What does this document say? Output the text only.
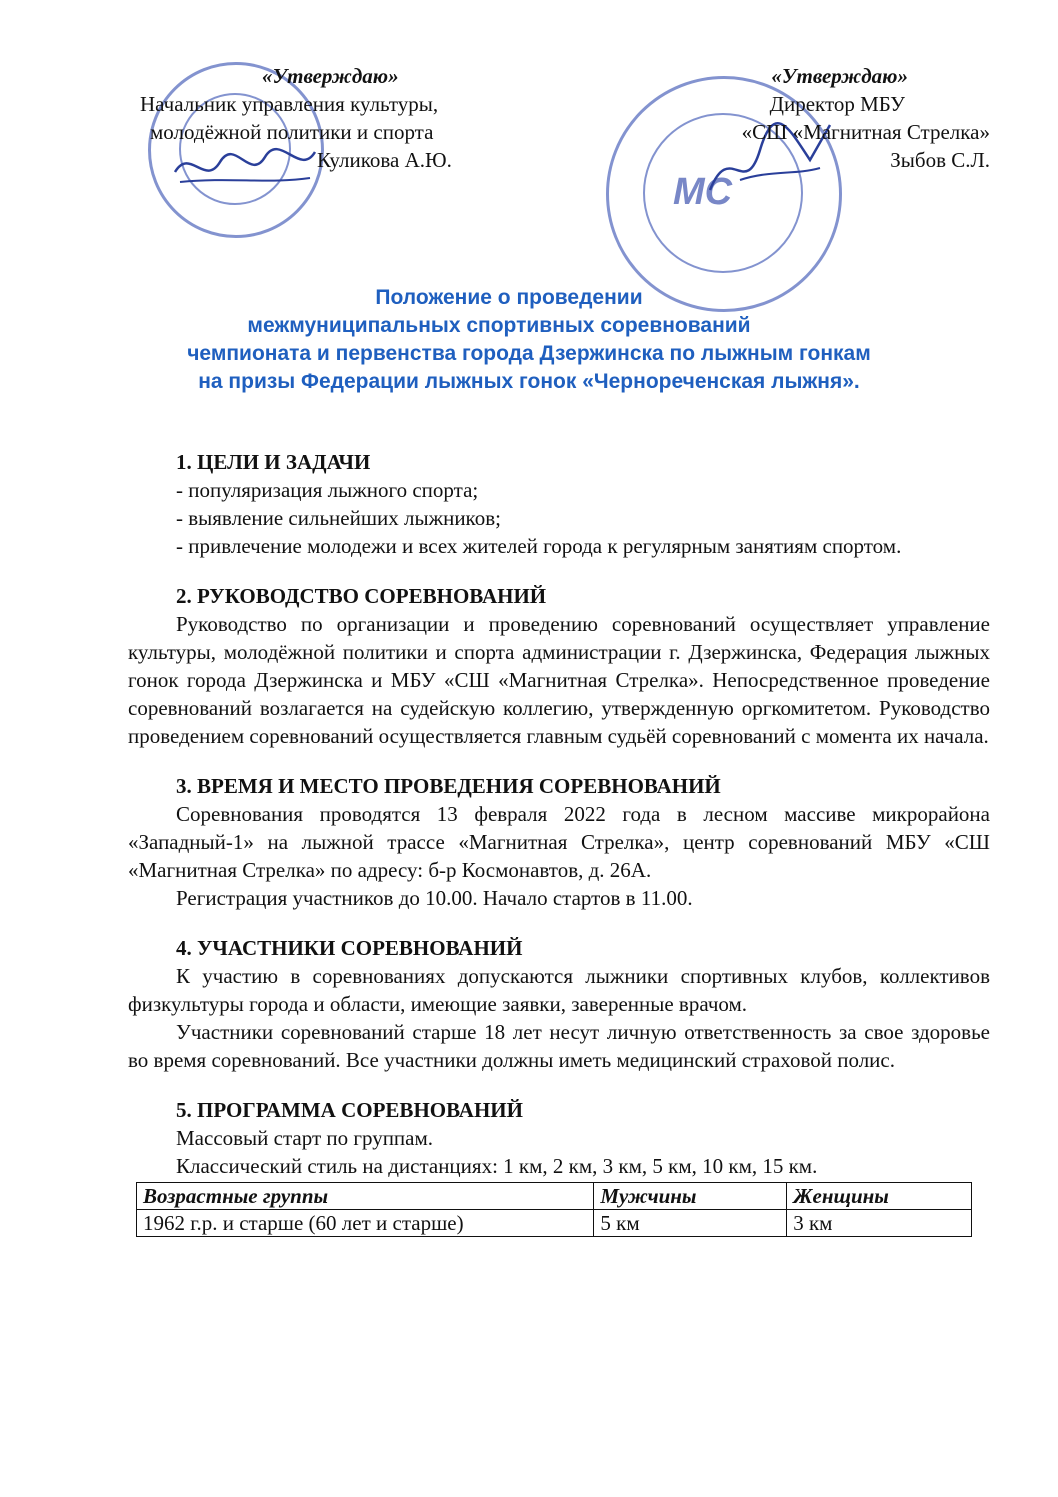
МС
«Утверждаю»
Начальник управления культуры,
молодёжной политики и спорта
Куликова А.Ю.
«Утверждаю»
Директор МБУ
«СШ «Магнитная Стрелка»
Зыбов С.Л.
Положение о проведении
межмуниципальных спортивных соревнований
чемпионата и первенства города Дзержинска по лыжным гонкам
на призы Федерации лыжных гонок «Чернореченская лыжня».
1. ЦЕЛИ И ЗАДАЧИ

- популяризация лыжного спорта;

- выявление сильнейших лыжников;

- привлечение молодежи и всех жителей города к регулярным занятиям спортом.

2. РУКОВОДСТВО СОРЕВНОВАНИЙ

Руководство по организации и проведению соревнований осуществляет управление культуры, молодёжной политики и спорта администрации г. Дзержинска, Федерация лыжных гонок города Дзержинска и МБУ «СШ «Магнитная Стрелка». Непосредственное проведение соревнований возлагается на судейскую коллегию, утвержденную оргкомитетом. Руководство проведением соревнований осуществляется главным судьёй соревнований с момента их начала.

3. ВРЕМЯ И МЕСТО ПРОВЕДЕНИЯ СОРЕВНОВАНИЙ

Соревнования проводятся 13 февраля 2022 года в лесном массиве микрорайона «Западный-1» на лыжной трассе «Магнитная Стрелка», центр соревнований МБУ «СШ «Магнитная Стрелка» по адресу: б-р Космонавтов, д. 26А.

Регистрация участников до 10.00. Начало стартов в 11.00.

4. УЧАСТНИКИ СОРЕВНОВАНИЙ

К участию в соревнованиях допускаются лыжники спортивных клубов, коллективов физкультуры города и области, имеющие заявки, заверенные врачом.

Участники соревнований старше 18 лет несут личную ответственность за свое здоровье во время соревнований. Все участники должны иметь медицинский страховой полис.

5. ПРОГРАММА СОРЕВНОВАНИЙ

Массовый старт по группам.

Классический стиль на дистанциях: 1 км, 2 км, 3 км, 5 км, 10 км, 15 км.

Возрастные группы	Мужчины	Женщины
1962 г.р. и старше (60 лет и старше)	5 км	3 км
